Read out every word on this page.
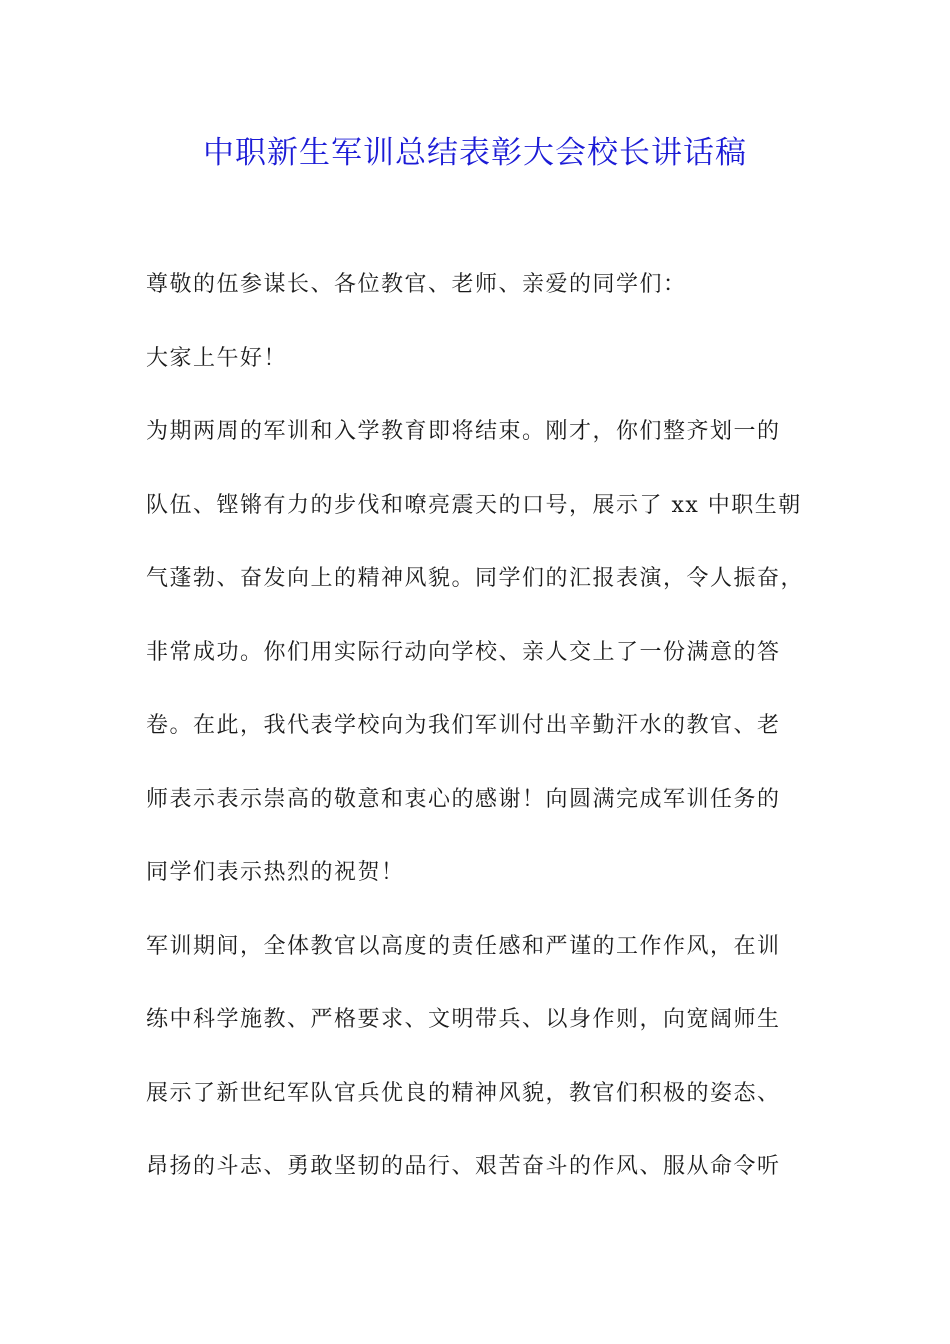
中职新生军训总结表彰大会校长讲话稿
尊敬的伍参谋长、各位教官、老师、亲爱的同学们：
大家上午好！
为期两周的军训和入学教育即将结束。刚才，你们整齐划一的
队伍、铿锵有力的步伐和嘹亮震天的口号，展示了 xx 中职生朝
气蓬勃、奋发向上的精神风貌。同学们的汇报表演，令人振奋，
非常成功。你们用实际行动向学校、亲人交上了一份满意的答
卷。在此，我代表学校向为我们军训付出辛勤汗水的教官、老
师表示表示崇高的敬意和衷心的感谢！向圆满完成军训任务的
同学们表示热烈的祝贺！
军训期间，全体教官以高度的责任感和严谨的工作作风，在训
练中科学施教、严格要求、文明带兵、以身作则，向宽阔师生
展示了新世纪军队官兵优良的精神风貌，教官们积极的姿态、
昂扬的斗志、勇敢坚韧的品行、艰苦奋斗的作风、服从命令听
